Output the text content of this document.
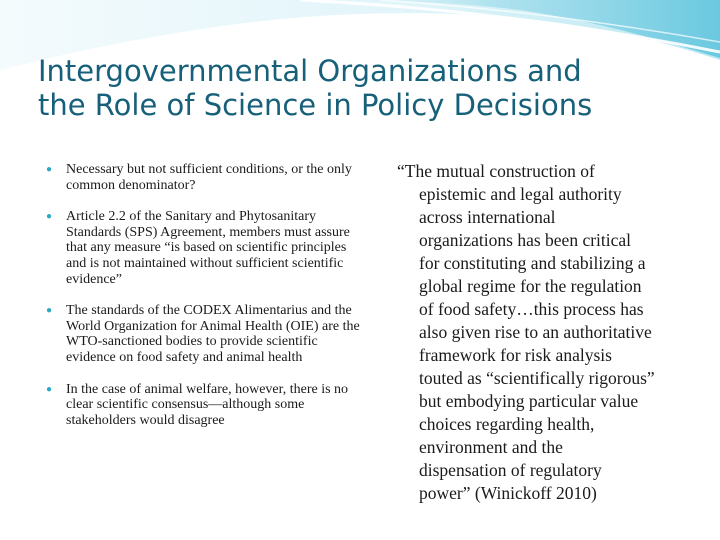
Intergovernmental Organizations and
the Role of Science in Policy Decisions
● Necessary but not sufficient conditions, or the only common denominator?
● Article 2.2 of the Sanitary and Phytosanitary Standards (SPS) Agreement, members must assure that any measure “is based on scientific principles and is not maintained without sufficient scientific evidence”
● The standards of the CODEX Alimentarius and the World Organization for Animal Health (OIE) are the WTO-sanctioned bodies to provide scientific evidence on food safety and animal health
● In the case of animal welfare, however, there is no clear scientific consensus—although some stakeholders would disagree
“The mutual construction of
epistemic and legal authority
across international
organizations has been critical
for constituting and stabilizing a
global regime for the regulation
of food safety…this process has
also given rise to an authoritative
framework for risk analysis
touted as “scientifically rigorous”
but embodying particular value
choices regarding health,
environment and the
dispensation of regulatory
power” (Winickoff 2010)
